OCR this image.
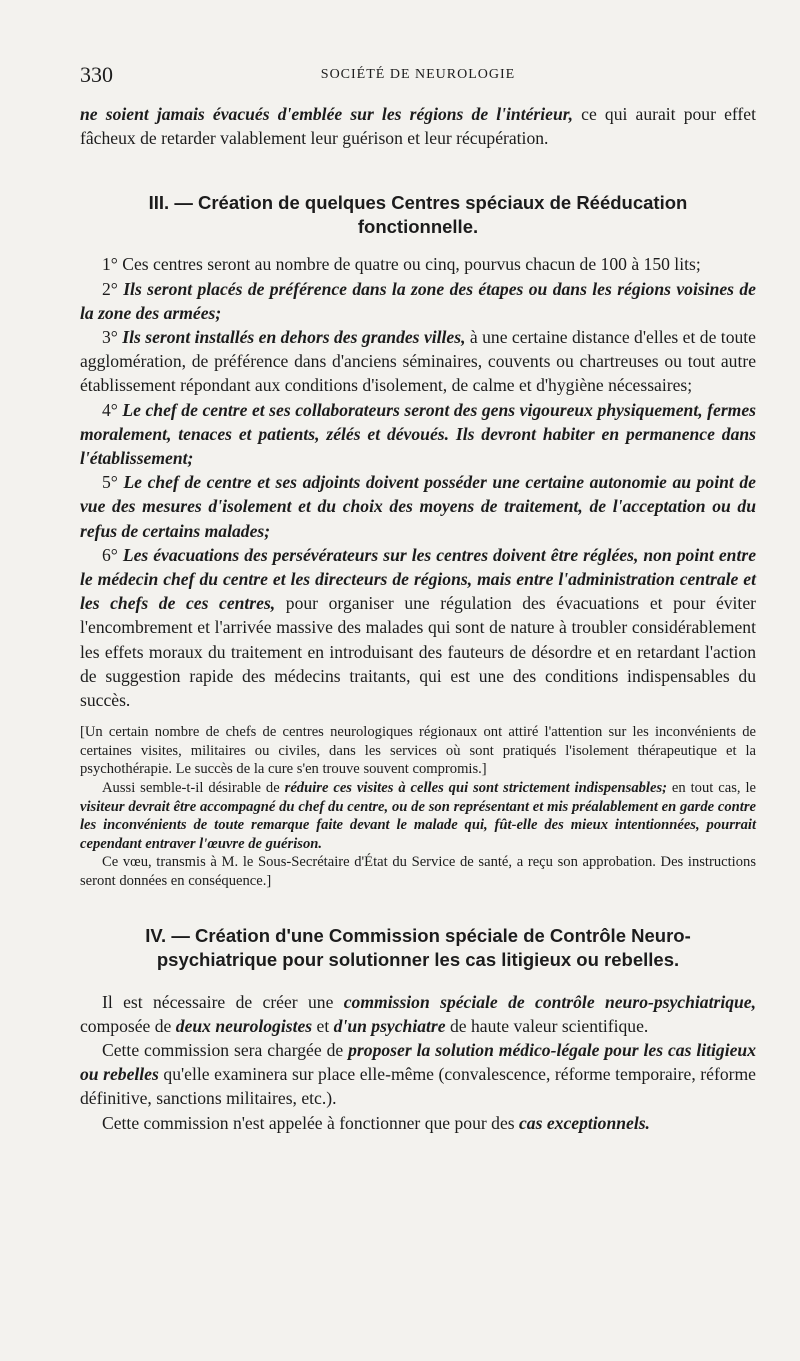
330	SOCIÉTÉ DE NEUROLOGIE

ne soient jamais évacués d'emblée sur les régions de l'intérieur, ce qui aurait pour effet fâcheux de retarder valablement leur guérison et leur récupération.

III. — Création de quelques Centres spéciaux de Rééducation fonctionnelle.

1° Ces centres seront au nombre de quatre ou cinq, pourvus chacun de 100 à 150 lits;

2° Ils seront placés de préférence dans la zone des étapes ou dans les régions voisines de la zone des armées;

3° Ils seront installés en dehors des grandes villes, à une certaine distance d'elles et de toute agglomération, de préférence dans d'anciens séminaires, couvents ou chartreuses ou tout autre établissement répondant aux conditions d'isolement, de calme et d'hygiène nécessaires;

4° Le chef de centre et ses collaborateurs seront des gens vigoureux physiquement, fermes moralement, tenaces et patients, zélés et dévoués. Ils devront habiter en permanence dans l'établissement;

5° Le chef de centre et ses adjoints doivent posséder une certaine autonomie au point de vue des mesures d'isolement et du choix des moyens de traitement, de l'acceptation ou du refus de certains malades;

6° Les évacuations des persévérateurs sur les centres doivent être réglées, non point entre le médecin chef du centre et les directeurs de régions, mais entre l'administration centrale et les chefs de ces centres, pour organiser une régulation des évacuations et pour éviter l'encombrement et l'arrivée massive des malades qui sont de nature à troubler considérablement les effets moraux du traitement en introduisant des fauteurs de désordre et en retardant l'action de suggestion rapide des médecins traitants, qui est une des conditions indispensables du succès.

[Un certain nombre de chefs de centres neurologiques régionaux ont attiré l'attention sur les inconvénients de certaines visites, militaires ou civiles, dans les services où sont pratiqués l'isolement thérapeutique et la psychothérapie. Le succès de la cure s'en trouve souvent compromis.]

Aussi semble-t-il désirable de réduire ces visites à celles qui sont strictement indispensables; en tout cas, le visiteur devrait être accompagné du chef du centre, ou de son représentant et mis préalablement en garde contre les inconvénients de toute remarque faite devant le malade qui, fût-elle des mieux intentionnées, pourrait cependant entraver l'œuvre de guérison.

Ce vœu, transmis à M. le Sous-Secrétaire d'État du Service de santé, a reçu son approbation. Des instructions seront données en conséquence.]

IV. — Création d'une Commission spéciale de Contrôle Neuro-psychiatrique pour solutionner les cas litigieux ou rebelles.

Il est nécessaire de créer une commission spéciale de contrôle neuro-psychiatrique, composée de deux neurologistes et d'un psychiatre de haute valeur scientifique.

Cette commission sera chargée de proposer la solution médico-légale pour les cas litigieux ou rebelles qu'elle examinera sur place elle-même (convalescence, réforme temporaire, réforme définitive, sanctions militaires, etc.).

Cette commission n'est appelée à fonctionner que pour des cas exceptionnels.
